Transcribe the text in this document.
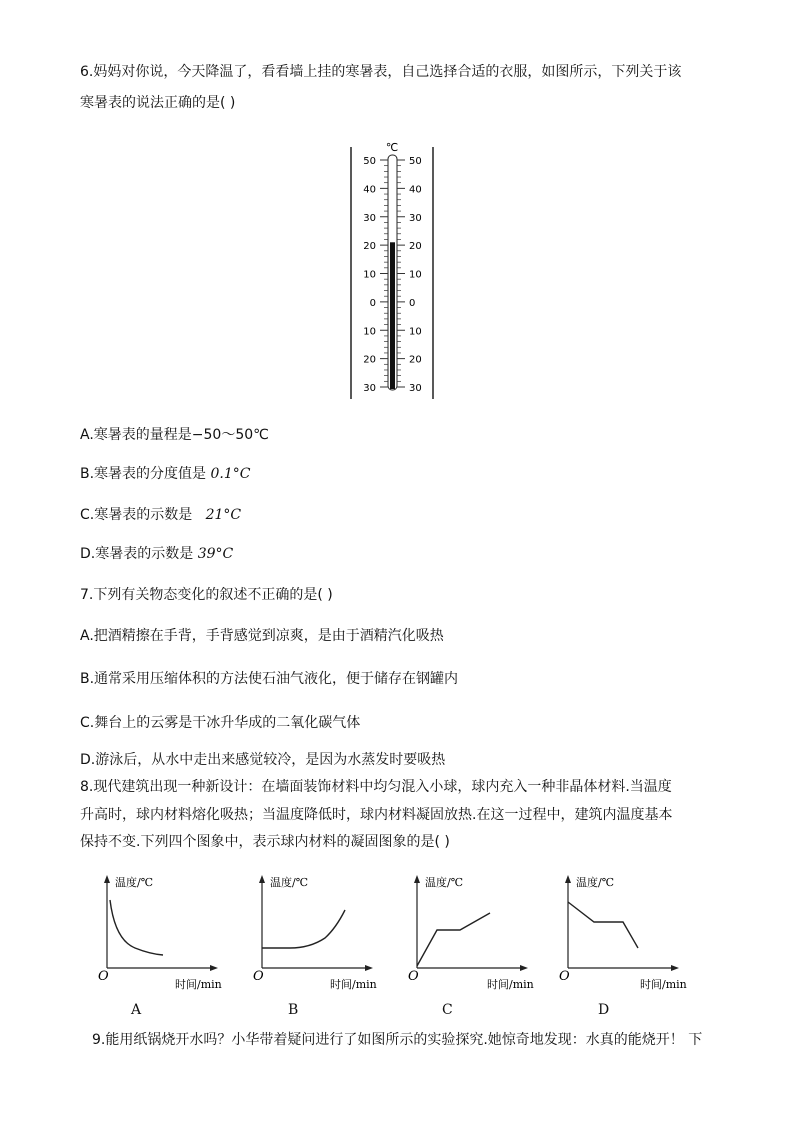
6.妈妈对你说，今天降温了，看看墙上挂的寒暑表，自己选择合适的衣服，如图所示，下列关于该
寒暑表的说法正确的是( )
℃
50
40
30
20
10
0
10
20
30
50
40
30
20
10
0
10
20
30
A.寒暑表的量程是−50～50℃
B.寒暑表的分度值是 0.1°C
C.寒暑表的示数是   21°C
D.寒暑表的示数是 39°C
7.下列有关物态变化的叙述不正确的是( )
A.把酒精擦在手背，手背感觉到凉爽，是由于酒精汽化吸热
B.通常采用压缩体积的方法使石油气液化，便于储存在钢罐内
C.舞台上的云雾是干冰升华成的二氧化碳气体
D.游泳后，从水中走出来感觉较冷，是因为水蒸发时要吸热
8.现代建筑出现一种新设计：在墙面装饰材料中均匀混入小球，球内充入一种非晶体材料.当温度
升高时，球内材料熔化吸热；当温度降低时，球内材料凝固放热.在这一过程中，建筑内温度基本
保持不变.下列四个图象中，表示球内材料的凝固图象的是( )
O
温度/℃
时间/min
A
O
温度/℃
时间/min
B
O
温度/℃
时间/min
C
O
温度/℃
时间/min
D
9.能用纸锅烧开水吗？小华带着疑问进行了如图所示的实验探究.她惊奇地发现：水真的能烧开！ 下
